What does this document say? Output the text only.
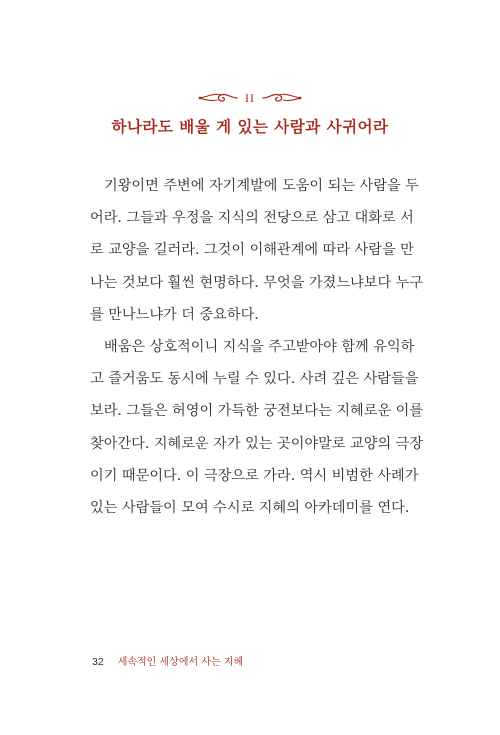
II
하나라도 배울 게 있는 사람과 사귀어라

기왕이면 주변에 자기계발에 도움이 되는 사람을 두
어라. 그들과 우정을 지식의 전당으로 삼고 대화로 서
로 교양을 길러라. 그것이 이해관계에 따라 사람을 만
나는 것보다 훨씬 현명하다. 무엇을 가졌느냐보다 누구
를 만나느냐가 더 중요하다.

배움은 상호적이니 지식을 주고받아야 함께 유익하
고 즐거움도 동시에 누릴 수 있다. 사려 깊은 사람들을
보라. 그들은 허영이 가득한 궁전보다는 지혜로운 이를
찾아간다. 지혜로운 자가 있는 곳이야말로 교양의 극장
이기 때문이다. 이 극장으로 가라. 역시 비범한 사례가
있는 사람들이 모여 수시로 지혜의 아카데미를 연다.

32 세속적인 세상에서 사는 지혜
